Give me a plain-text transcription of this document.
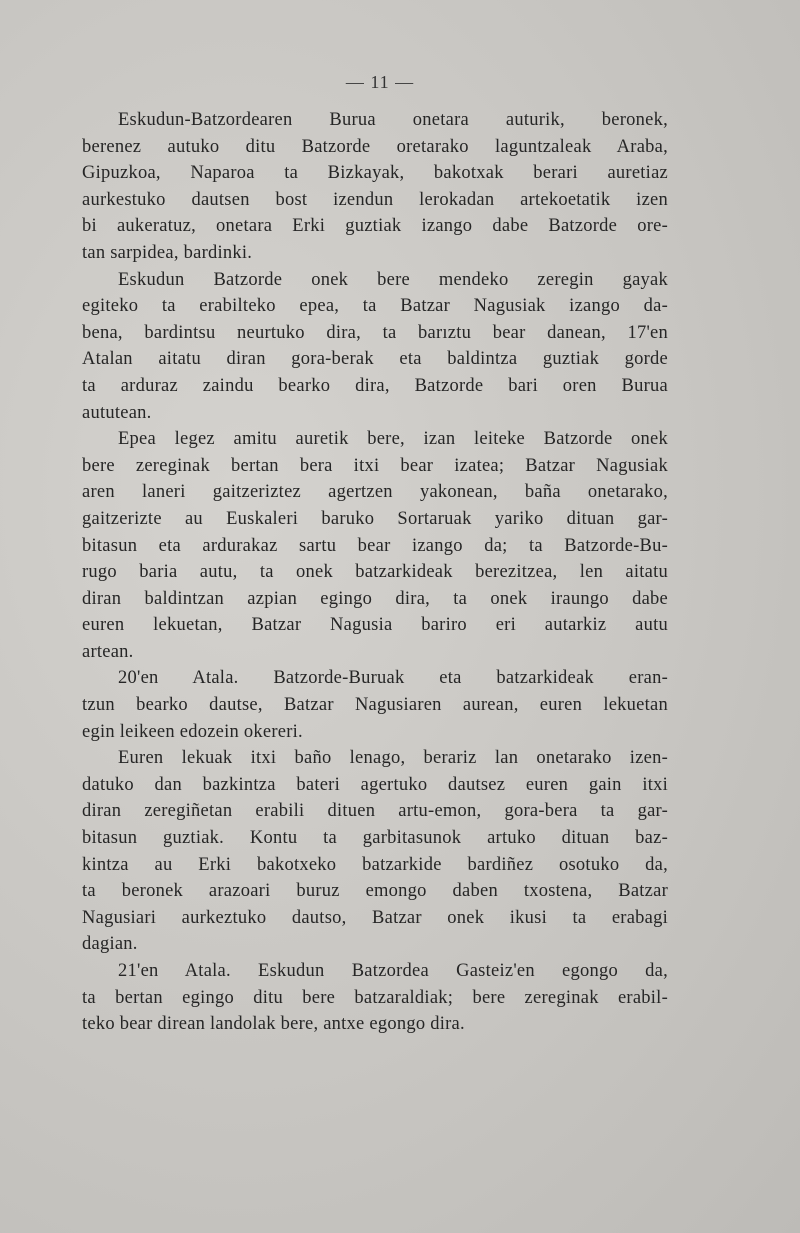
— 11 —

Eskudun-Batzordearen Burua onetara auturik, beronek,
berenez autuko ditu Batzorde oretarako laguntzaleak Araba,
Gipuzkoa, Naparoa ta Bizkayak, bakotxak berari auretiaz
aurkestuko dautsen bost izendun lerokadan artekoetatik izen
bi aukeratuz, onetara Erki guztiak izango dabe Batzorde ore-
tan sarpidea, bardinki.

Eskudun Batzorde onek bere mendeko zeregin gayak
egiteko ta erabilteko epea, ta Batzar Nagusiak izango da-
bena, bardintsu neurtuko dira, ta barıztu bear danean, 17'en
Atalan aitatu diran gora-berak eta baldintza guztiak gorde
ta arduraz zaindu bearko dira, Batzorde bari oren Burua
aututean.

Epea legez amitu auretik bere, izan leiteke Batzorde onek
bere zereginak bertan bera itxi bear izatea; Batzar Nagusiak
aren laneri gaitzeriztez agertzen yakonean, baña onetarako,
gaitzerizte au Euskaleri baruko Sortaruak yariko dituan gar-
bitasun eta ardurakaz sartu bear izango da; ta Batzorde-Bu-
rugo baria autu, ta onek batzarkideak berezitzea, len aitatu
diran baldintzan azpian egingo dira, ta onek iraungo dabe
euren lekuetan, Batzar Nagusia bariro eri autarkiz autu
artean.

20'en Atala. Batzorde-Buruak eta batzarkideak eran-
tzun bearko dautse, Batzar Nagusiaren aurean, euren lekuetan
egin leikeen edozein okereri.

Euren lekuak itxi baño lenago, berariz lan onetarako izen-
datuko dan bazkintza bateri agertuko dautsez euren gain itxi
diran zeregiñetan erabili dituen artu-emon, gora-bera ta gar-
bitasun guztiak. Kontu ta garbitasunok artuko dituan baz-
kintza au Erki bakotxeko batzarkide bardiñez osotuko da,
ta beronek arazoari buruz emongo daben txostena, Batzar
Nagusiari aurkeztuko dautso, Batzar onek ikusi ta erabagi
dagian.

21'en Atala. Eskudun Batzordea Gasteiz'en egongo da,
ta bertan egingo ditu bere batzaraldiak; bere zereginak erabil-
teko bear direan landolak bere, antxe egongo dira.
